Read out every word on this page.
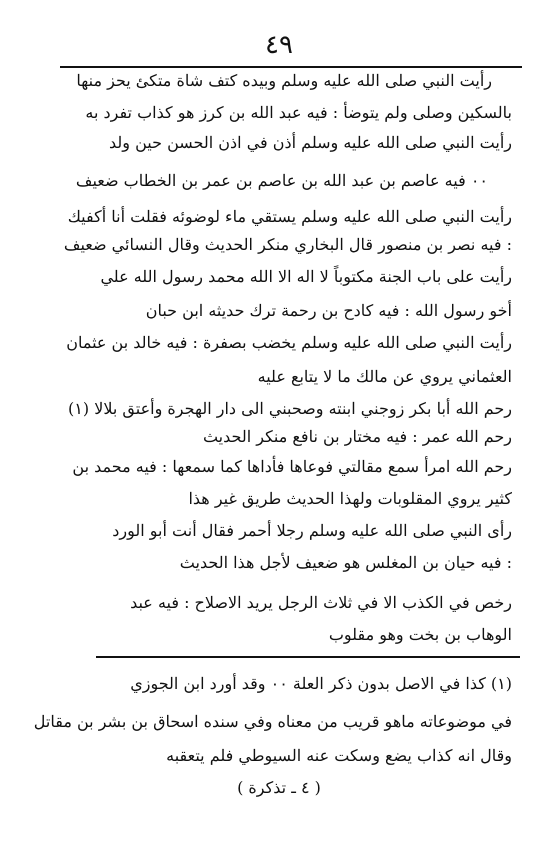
٤٩
رأيت النبي صلى الله عليه وسلم وبيده كتف شاة متكئ يحز منها
بالسكين وصلى ولم يتوضأ : فيه عبد الله بن كرز هو كذاب تفرد به
رأيت النبي صلى الله عليه وسلم أذن في اذن الحسن حين ولد
٠٠ فيه عاصم بن عبد الله بن عاصم بن عمر بن الخطاب ضعيف
رأيت النبي صلى الله عليه وسلم يستقي ماء لوضوئه فقلت أنا أكفيك
: فيه نصر بن منصور قال البخاري منكر الحديث وقال النسائي ضعيف
رأيت على باب الجنة مكتوباً لا اله الا الله محمد رسول الله علي
أخو رسول الله : فيه كادح بن رحمة ترك حديثه ابن حبان
رأيت النبي صلى الله عليه وسلم يخضب بصفرة : فيه خالد بن عثمان
العثماني يروي عن مالك ما لا يتابع عليه
رحم الله أبا بكر زوجني ابنته وصحبني الى دار الهجرة وأعتق بلالا (١)
رحم الله عمر : فيه مختار بن نافع منكر الحديث
رحم الله امرأ سمع مقالتي فوعاها فأداها كما سمعها : فيه محمد بن
كثير يروي المقلوبات ولهذا الحديث طريق غير هذا
رأى النبي صلى الله عليه وسلم رجلا أحمر فقال أنت أبو الورد
: فيه حيان بن المغلس هو ضعيف لأجل هذا الحديث
رخص في الكذب الا في ثلاث الرجل يريد الاصلاح : فيه عبد
الوهاب بن بخت وهو مقلوب
(١) كذا في الاصل بدون ذكر العلة ٠٠ وقد أورد ابن الجوزي
في موضوعاته ماهو قريب من معناه وفي سنده اسحاق بن بشر بن مقاتل
وقال انه كذاب يضع وسكت عنه السيوطي فلم يتعقبه
( ٤ ـ تذكرة )
